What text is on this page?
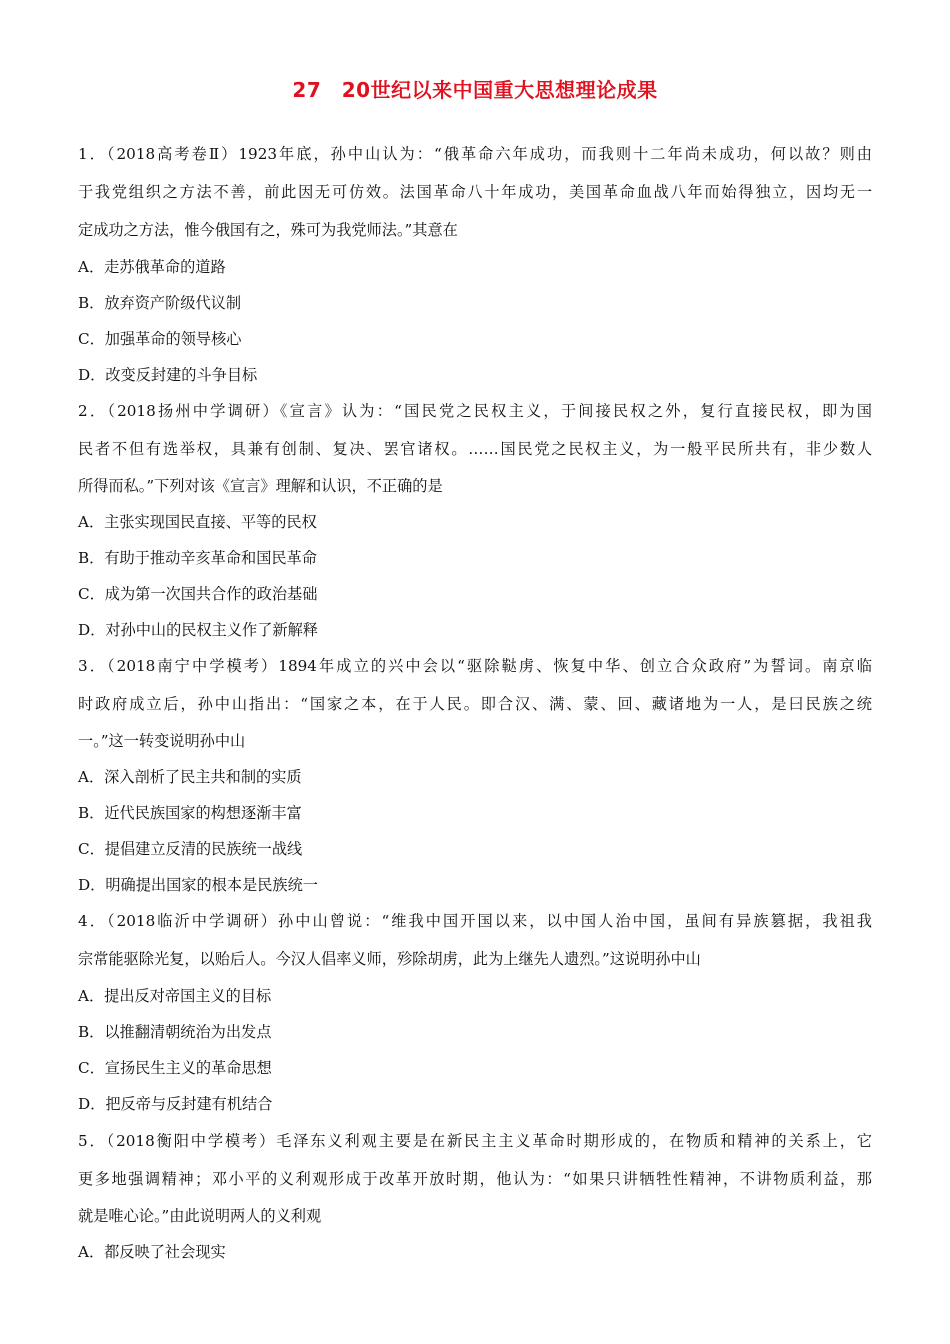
27　20世纪以来中国重大思想理论成果
1．（2018高考卷Ⅱ）1923年底，孙中山认为：“俄革命六年成功，而我则十二年尚未成功，何以故？则由
于我党组织之方法不善，前此因无可仿效。法国革命八十年成功，美国革命血战八年而始得独立，因均无一
定成功之方法，惟今俄国有之，殊可为我党师法。”其意在
A．走苏俄革命的道路
B．放弃资产阶级代议制
C．加强革命的领导核心
D．改变反封建的斗争目标
2．（2018扬州中学调研）《宣言》认为：“国民党之民权主义，于间接民权之外，复行直接民权，即为国
民者不但有选举权，具兼有创制、复决、罢官诸权。……国民党之民权主义，为一般平民所共有，非少数人
所得而私。”下列对该《宣言》理解和认识，不正确的是
A．主张实现国民直接、平等的民权
B．有助于推动辛亥革命和国民革命
C．成为第一次国共合作的政治基础
D．对孙中山的民权主义作了新解释
3．（2018南宁中学模考）1894年成立的兴中会以“驱除鞑虏、恢复中华、创立合众政府”为誓词。南京临
时政府成立后，孙中山指出：“国家之本，在于人民。即合汉、满、蒙、回、藏诸地为一人，是曰民族之统
一。”这一转变说明孙中山
A．深入剖析了民主共和制的实质
B．近代民族国家的构想逐渐丰富
C．提倡建立反清的民族统一战线
D．明确提出国家的根本是民族统一
4．（2018临沂中学调研）孙中山曾说：“维我中国开国以来，以中国人治中国，虽间有异族篡据，我祖我
宗常能驱除光复，以贻后人。今汉人倡率义师，殄除胡虏，此为上继先人遗烈。”这说明孙中山
A．提出反对帝国主义的目标
B．以推翻清朝统治为出发点
C．宣扬民生主义的革命思想
D．把反帝与反封建有机结合
5．（2018衡阳中学模考）毛泽东义利观主要是在新民主主义革命时期形成的，在物质和精神的关系上，它
更多地强调精神；邓小平的义利观形成于改革开放时期，他认为：“如果只讲牺牲性精神，不讲物质利益，那
就是唯心论。”由此说明两人的义利观
A．都反映了社会现实
